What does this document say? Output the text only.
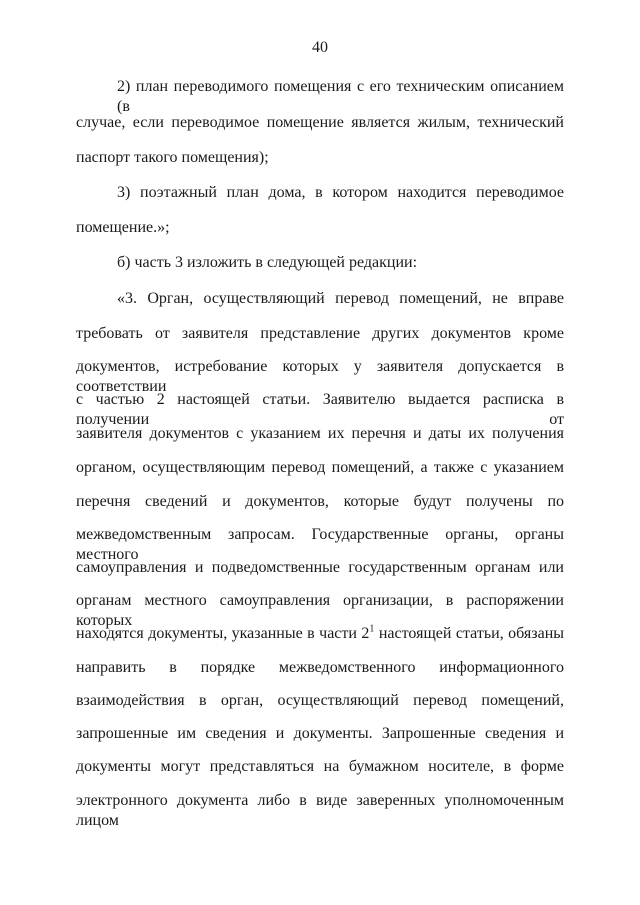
40
2) план переводимого помещения с его техническим описанием (в
случае, если переводимое помещение является жилым, технический
паспорт такого помещения);
3) поэтажный план дома, в котором находится переводимое
помещение.»;
б) часть 3 изложить в следующей редакции:
«3. Орган, осуществляющий перевод помещений, не вправе
требовать от заявителя представление других документов кроме
документов, истребование которых у заявителя допускается в соответствии
с частью 2 настоящей статьи. Заявителю выдается расписка в получении от
заявителя документов с указанием их перечня и даты их получения
органом, осуществляющим перевод помещений, а также с указанием
перечня сведений и документов, которые будут получены по
межведомственным запросам. Государственные органы, органы местного
самоуправления и подведомственные государственным органам или
органам местного самоуправления организации, в распоряжении которых
находятся документы, указанные в части $2^1$ настоящей статьи, обязаны
направить в порядке межведомственного информационного
взаимодействия в орган, осуществляющий перевод помещений,
запрошенные им сведения и документы. Запрошенные сведения и
документы могут представляться на бумажном носителе, в форме
электронного документа либо в виде заверенных уполномоченным лицом
